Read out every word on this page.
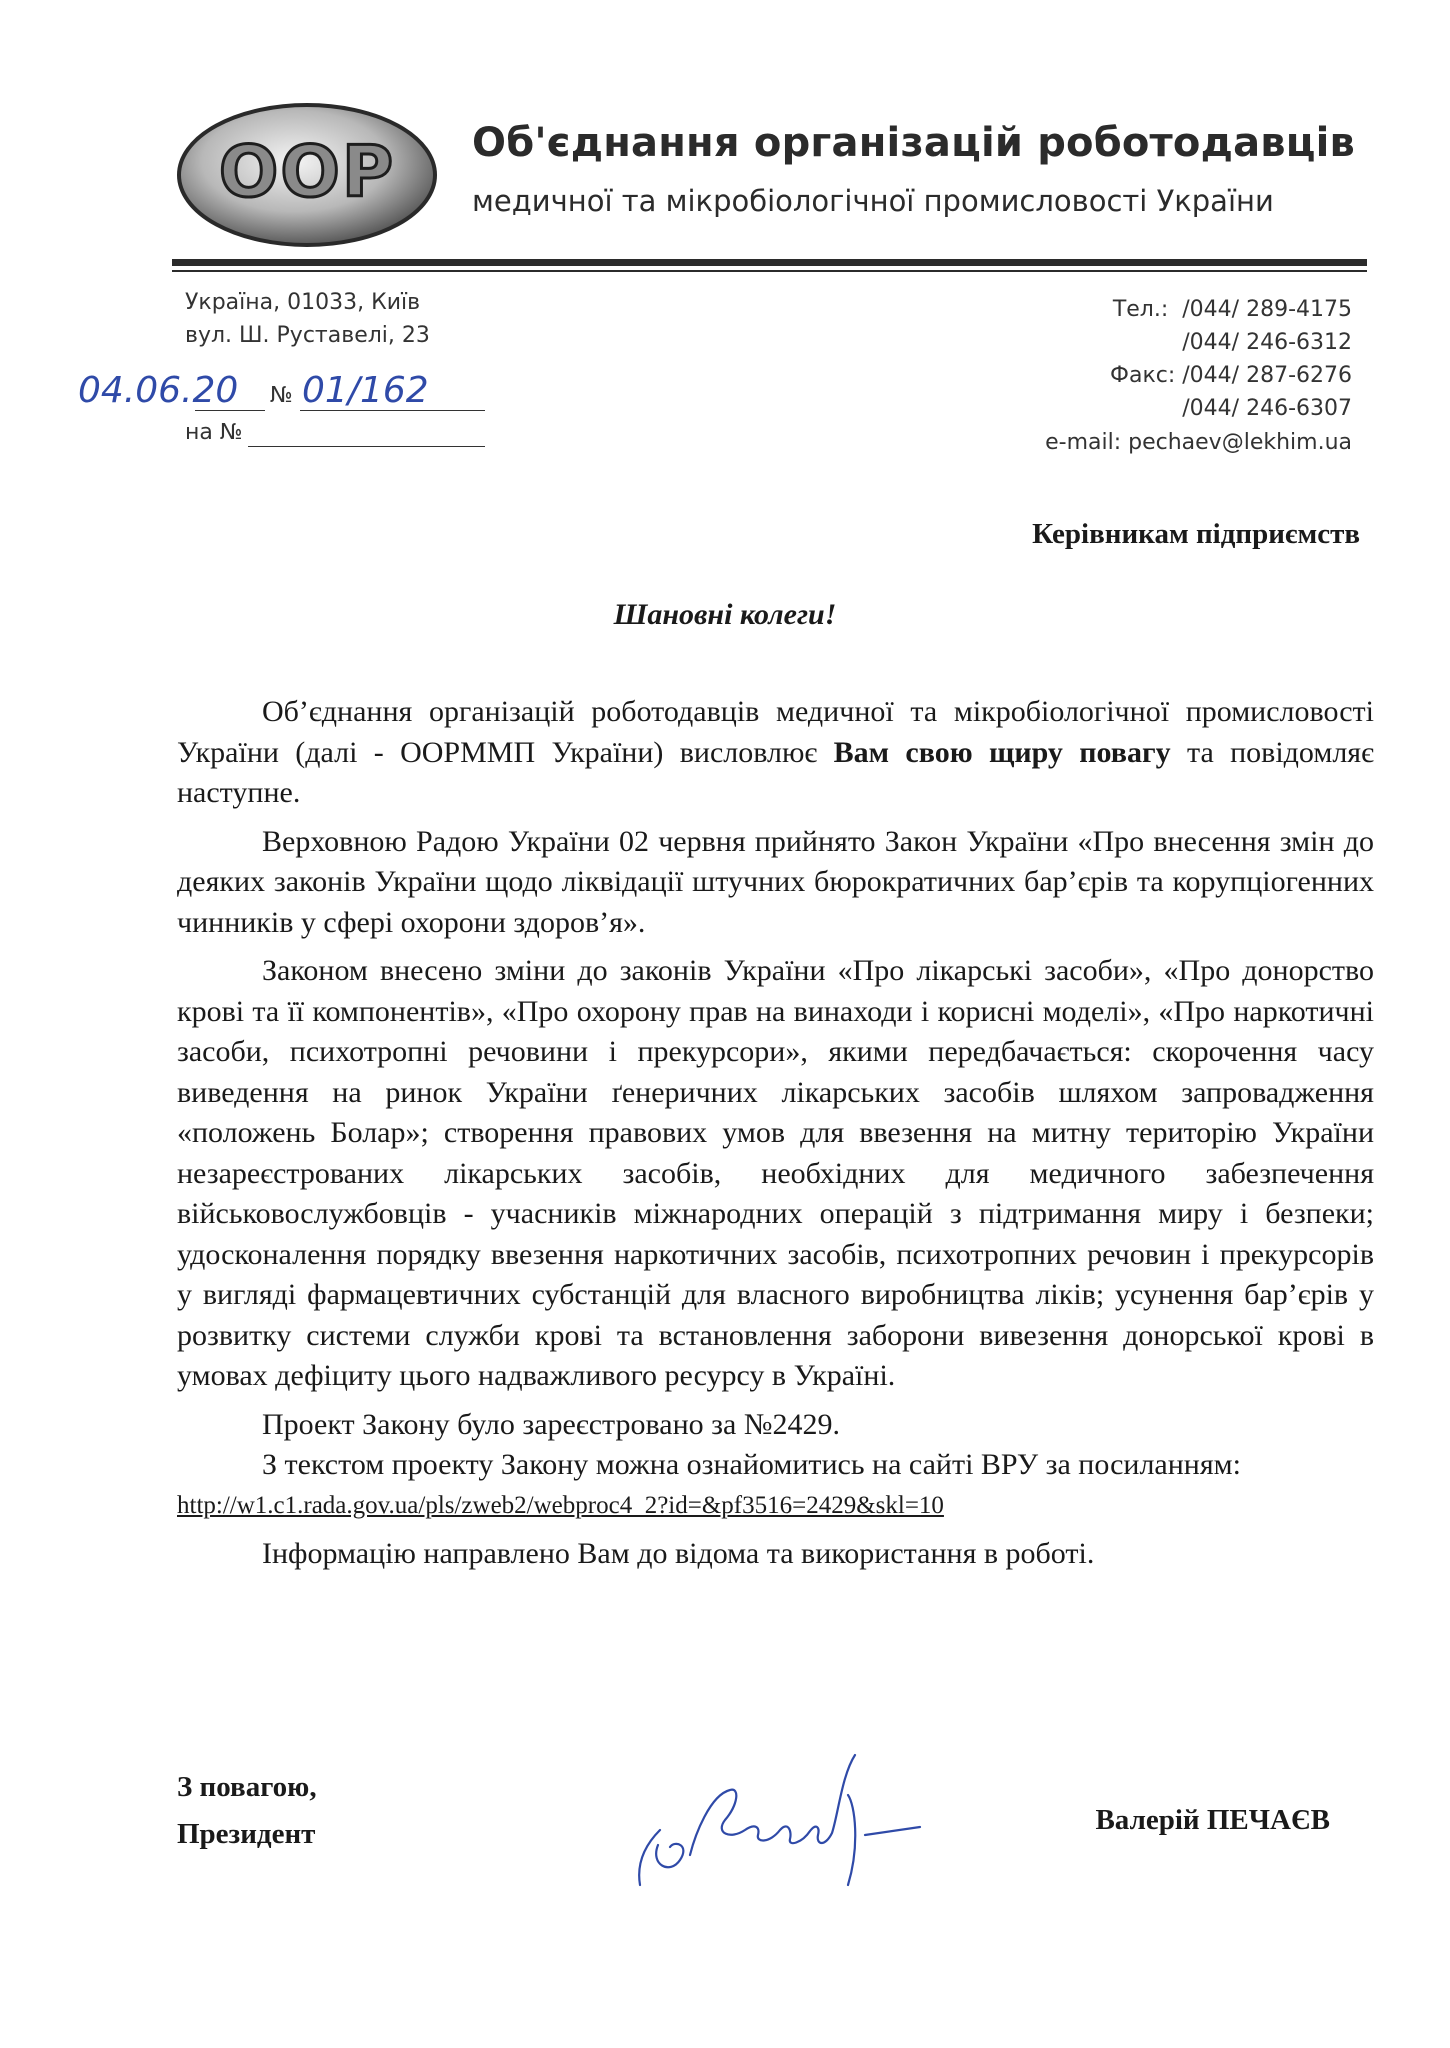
OOP Об'єднання організацій роботодавців
медичної та мікробіологічної промисловості України
Україна, 01033, Київ
вул. Ш. Руставелі, 23
Тел.: /044/ 289-4175
/044/ 246-6312
Факс: /044/ 287-6276
/044/ 246-6307
e-mail: pechaev@lekhim.ua
04.06.20 № 01/162
на №
Керівникам підприємств
Шановні колеги!

Об’єднання організацій роботодавців медичної та мікробіологічної промисловості України (далі - ООРММП України) висловлює Вам свою щиру повагу та повідомляє наступне.

Верховною Радою України 02 червня прийнято Закон України «Про внесення змін до деяких законів України щодо ліквідації штучних бюрократичних бар’єрів та корупціогенних чинників у сфері охорони здоров’я».

Законом внесено зміни до законів України «Про лікарські засоби», «Про донорство крові та її компонентів», «Про охорону прав на винаходи і корисні моделі», «Про наркотичні засоби, психотропні речовини і прекурсори», якими передбачається: скорочення часу виведення на ринок України ґенеричних лікарських засобів шляхом запровадження «положень Болар»; створення правових умов для ввезення на митну територію України незареєстрованих лікарських засобів, необхідних для медичного забезпечення військовослужбовців - учасників міжнародних операцій з підтримання миру і безпеки; удосконалення порядку ввезення наркотичних засобів, психотропних речовин і прекурсорів у вигляді фармацевтичних субстанцій для власного виробництва ліків; усунення бар’єрів у розвитку системи служби крові та встановлення заборони вивезення донорської крові в умовах дефіциту цього надважливого ресурсу в Україні.

Проект Закону було зареєстровано за №2429.

З текстом проекту Закону можна ознайомитись на сайті ВРУ за посиланням:

http://w1.c1.rada.gov.ua/pls/zweb2/webproc4_2?id=&pf3516=2429&skl=10

Інформацію направлено Вам до відома та використання в роботі.

З повагою,
Президент	Валерій ПЕЧАЄВ
